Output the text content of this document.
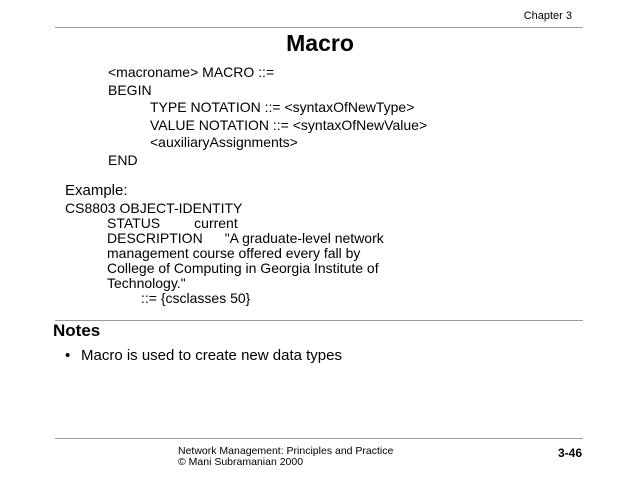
Chapter 3
Macro
<macroname> MACRO ::=
BEGIN
TYPE NOTATION ::= <syntaxOfNewType>
VALUE NOTATION ::= <syntaxOfNewValue>
<auxiliaryAssignments>
END
Example:
CS8803 OBJECT-IDENTITY
STATUS current
DESCRIPTION "A graduate-level network
management course offered every fall by
College of Computing in Georgia Institute of
Technology."
::= {csclasses 50}
Notes
• Macro is used to create new data types
Network Management: Principles and Practice
© Mani Subramanian 2000
3-46
